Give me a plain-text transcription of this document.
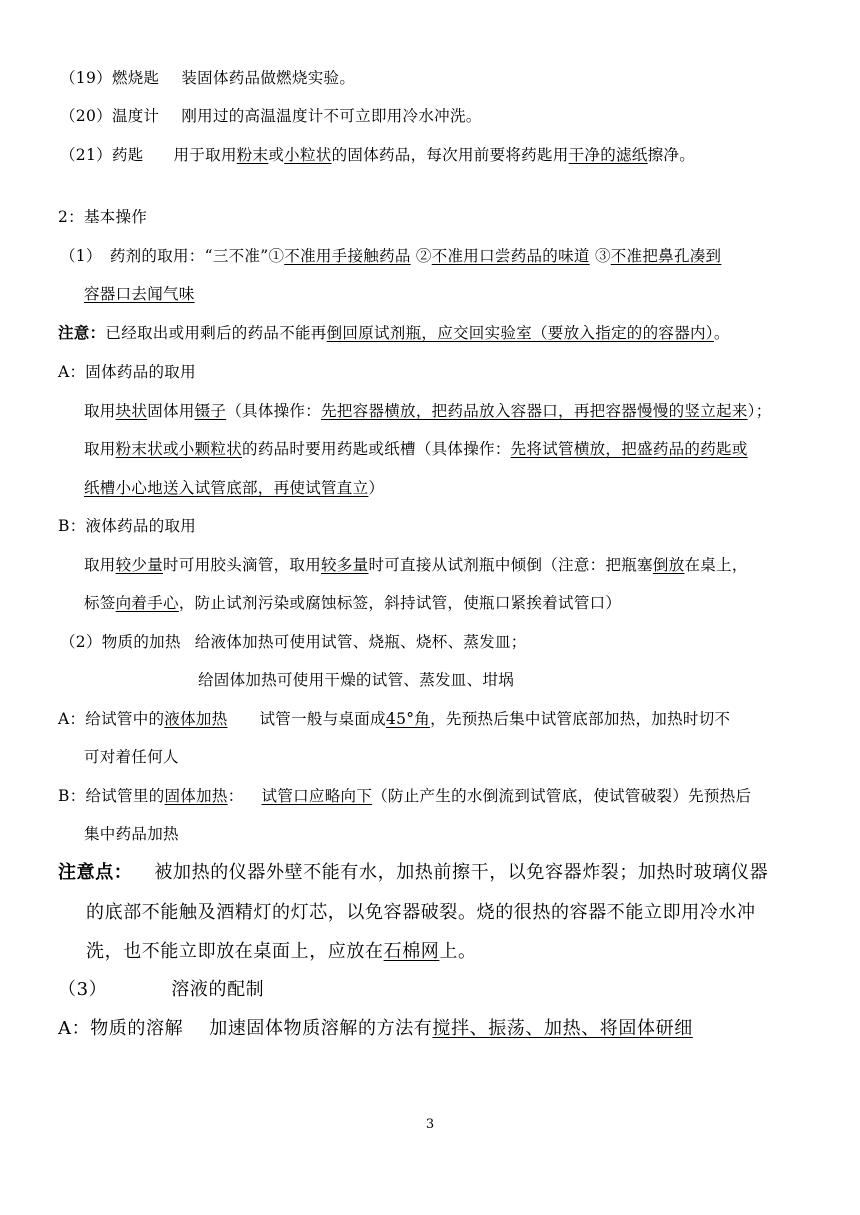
（19）燃烧匙 装固体药品做燃烧实验。
（20）温度计 刚用过的高温温度计不可立即用冷水冲洗。
（21）药匙 用于取用粉末或小粒状的固体药品，每次用前要将药匙用干净的滤纸擦净。
2：基本操作
（1）　药剂的取用：“三不准”①不准用手接触药品 ②不准用口尝药品的味道 ③不准把鼻孔凑到
容器口去闻气味
注意：已经取出或用剩后的药品不能再倒回原试剂瓶，应交回实验室（要放入指定的的容器内）。
A：固体药品的取用
取用块状固体用镊子（具体操作：先把容器横放，把药品放入容器口，再把容器慢慢的竖立起来）；
取用粉末状或小颗粒状的药品时要用药匙或纸槽（具体操作：先将试管横放，把盛药品的药匙或
纸槽小心地送入试管底部，再使试管直立）
B：液体药品的取用
取用较少量时可用胶头滴管，取用较多量时可直接从试剂瓶中倾倒（注意：把瓶塞倒放在桌上，
标签向着手心，防止试剂污染或腐蚀标签，斜持试管，使瓶口紧挨着试管口）
（2）物质的加热 给液体加热可使用试管、烧瓶、烧杯、蒸发皿；
给固体加热可使用干燥的试管、蒸发皿、坩埚
A：给试管中的液体加热 试管一般与桌面成45°角，先预热后集中试管底部加热，加热时切不
可对着任何人
B：给试管里的固体加热： 试管口应略向下（防止产生的水倒流到试管底，使试管破裂）先预热后
集中药品加热
注意点： 被加热的仪器外壁不能有水，加热前擦干，以免容器炸裂；加热时玻璃仪器
的底部不能触及酒精灯的灯芯，以免容器破裂。烧的很热的容器不能立即用冷水冲
洗，也不能立即放在桌面上，应放在石棉网上。
（3）	溶液的配制
A：物质的溶解 加速固体物质溶解的方法有搅拌、振荡、加热、将固体研细
3
